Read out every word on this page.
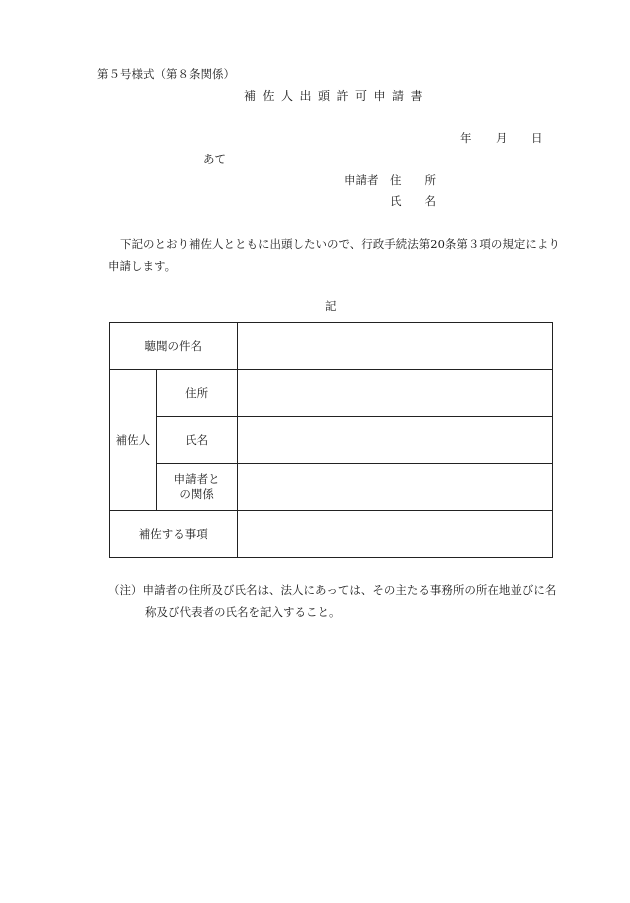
第５号様式（第８条関係）
補佐人出頭許可申請書
年 月 日
あて
申請者 住　　所
氏　　名
下記のとおり補佐人とともに出頭したいので、行政手続法第20条第３項の規定により
申請します。
記
聴聞の件名		
補佐人	住所	
	氏名	

	申請者と
の関係	

補佐する事項		
（注）申請者の住所及び氏名は、法人にあっては、その主たる事務所の所在地並びに名
称及び代表者の氏名を記入すること。
